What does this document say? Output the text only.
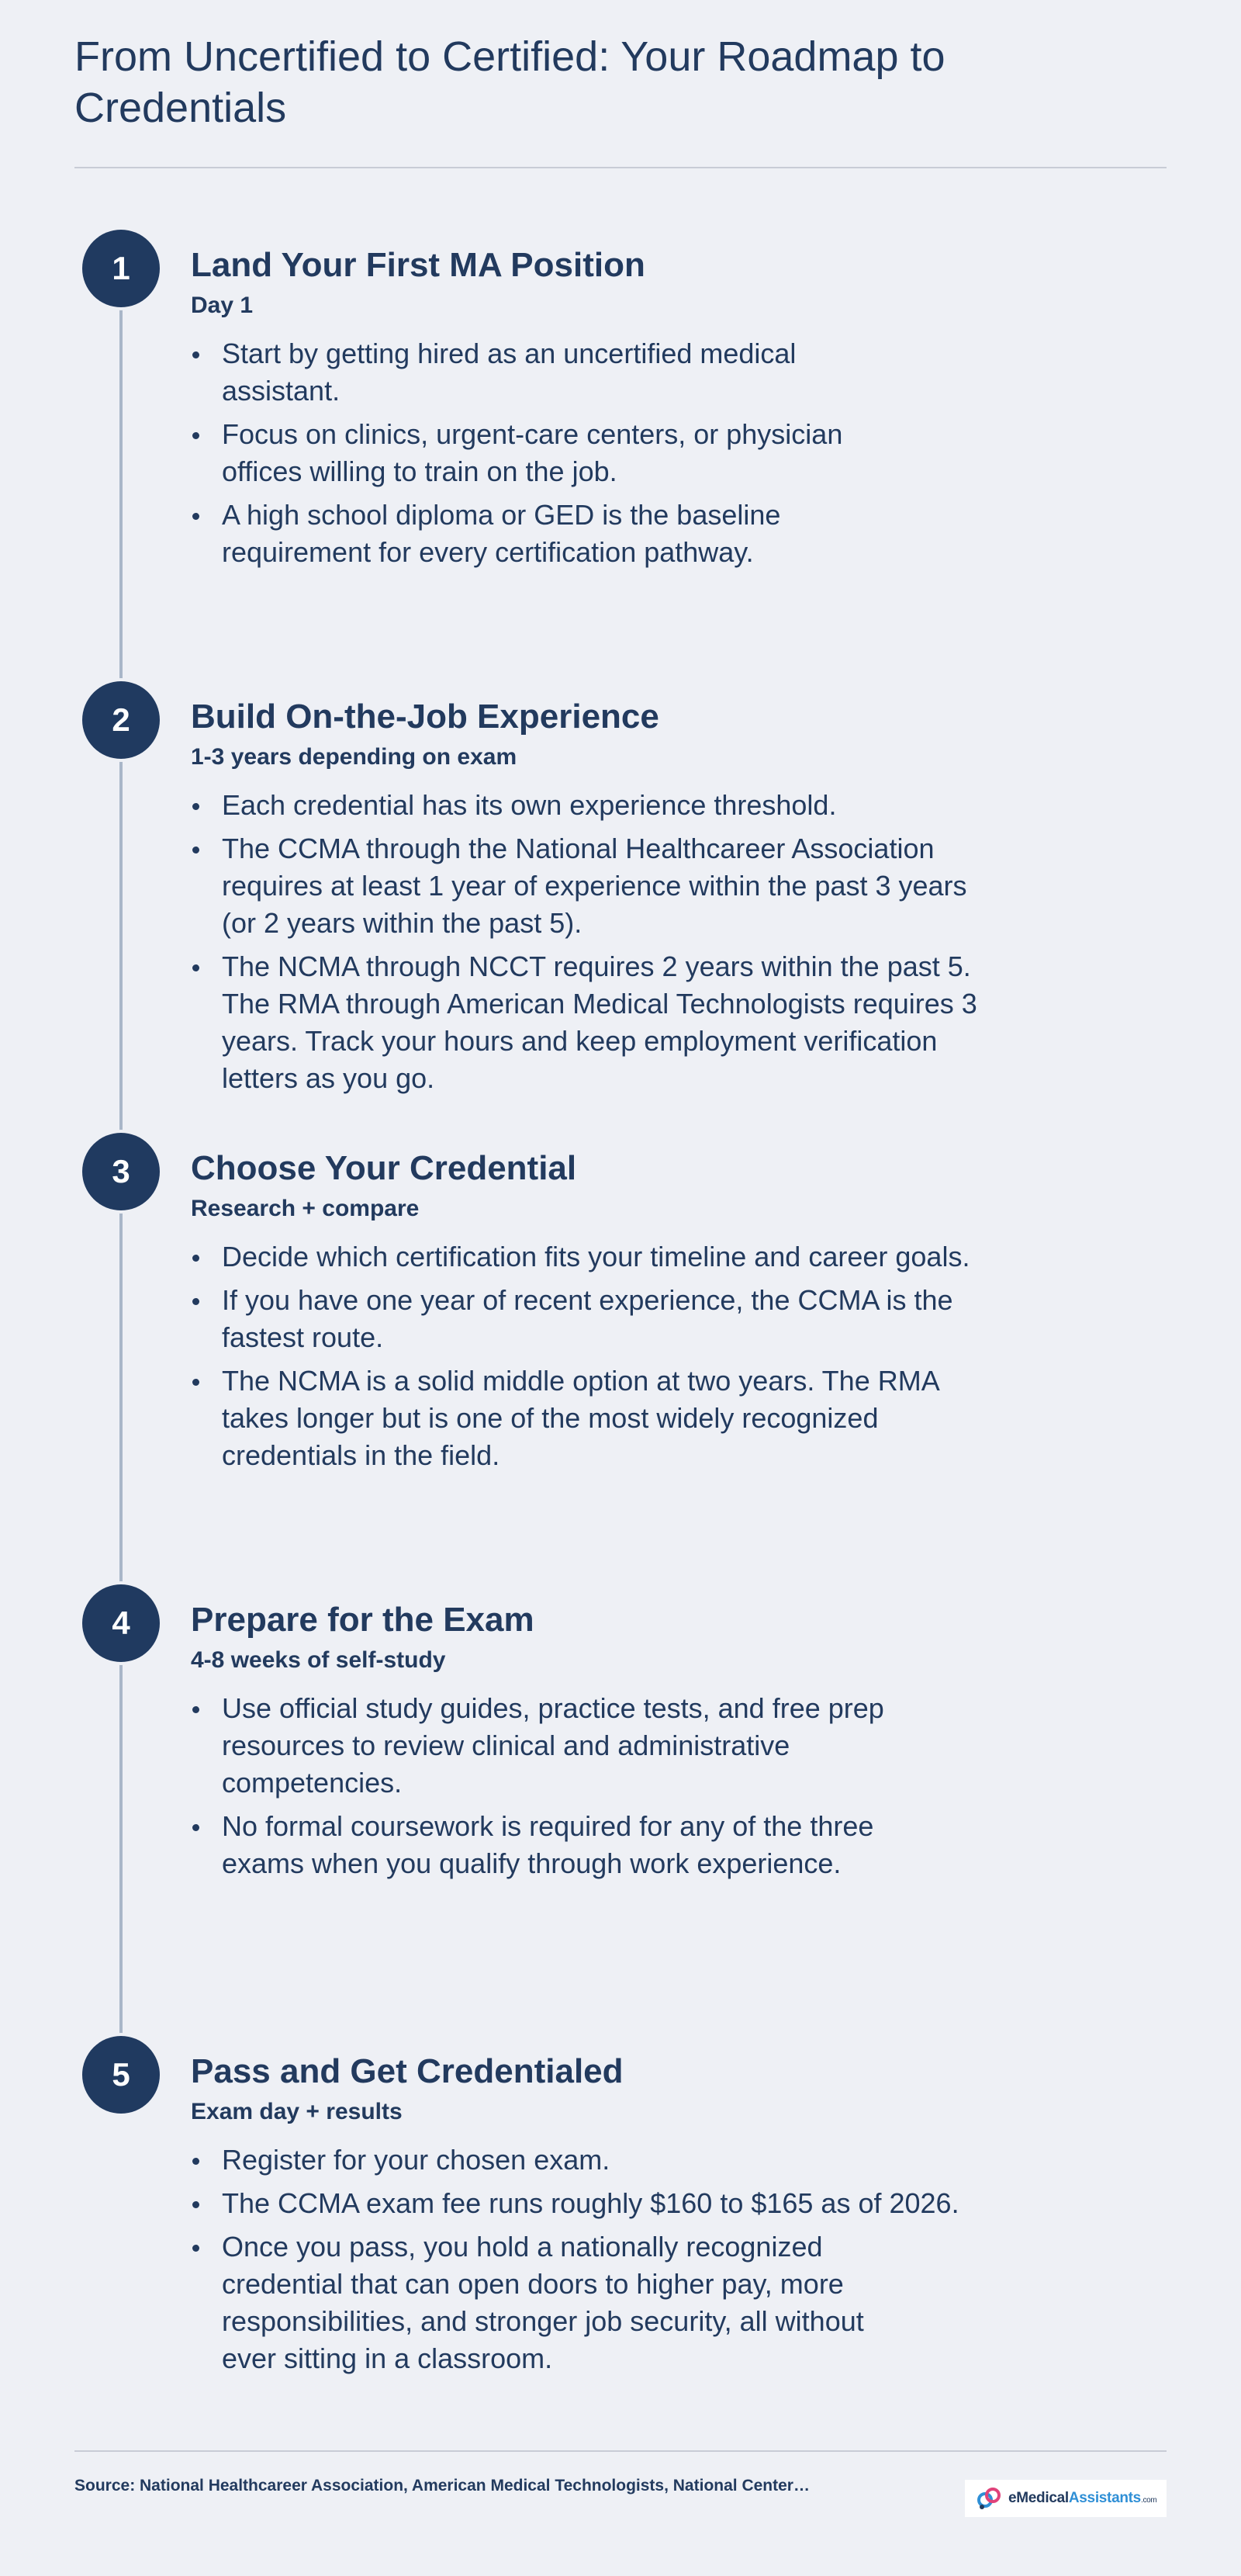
From Uncertified to Certified: Your Roadmap to Credentials
1	Land Your First MA Position
Day 1
Start by getting hired as an uncertified medical assistant.
Focus on clinics, urgent-care centers, or physician offices willing to train on the job.
A high school diploma or GED is the baseline requirement for every certification pathway.
2	Build On-the-Job Experience
1-3 years depending on exam
Each credential has its own experience threshold.
The CCMA through the National Healthcareer Association requires at least 1 year of experience within the past 3 years (or 2 years within the past 5).
The NCMA through NCCT requires 2 years within the past 5. The RMA through American Medical Technologists requires 3 years. Track your hours and keep employment verification letters as you go.
3	Choose Your Credential
Research + compare
Decide which certification fits your timeline and career goals.
If you have one year of recent experience, the CCMA is the fastest route.
The NCMA is a solid middle option at two years. The RMA takes longer but is one of the most widely recognized credentials in the field.
4	Prepare for the Exam
4-8 weeks of self-study
Use official study guides, practice tests, and free prep resources to review clinical and administrative competencies.
No formal coursework is required for any of the three exams when you qualify through work experience.
5	Pass and Get Credentialed
Exam day + results
Register for your chosen exam.
The CCMA exam fee runs roughly $160 to $165 as of 2026.
Once you pass, you hold a nationally recognized credential that can open doors to higher pay, more responsibilities, and stronger job security, all without ever sitting in a classroom.
Source: National Healthcareer Association, American Medical Technologists, National Center…
eMedicalAssistants.com
